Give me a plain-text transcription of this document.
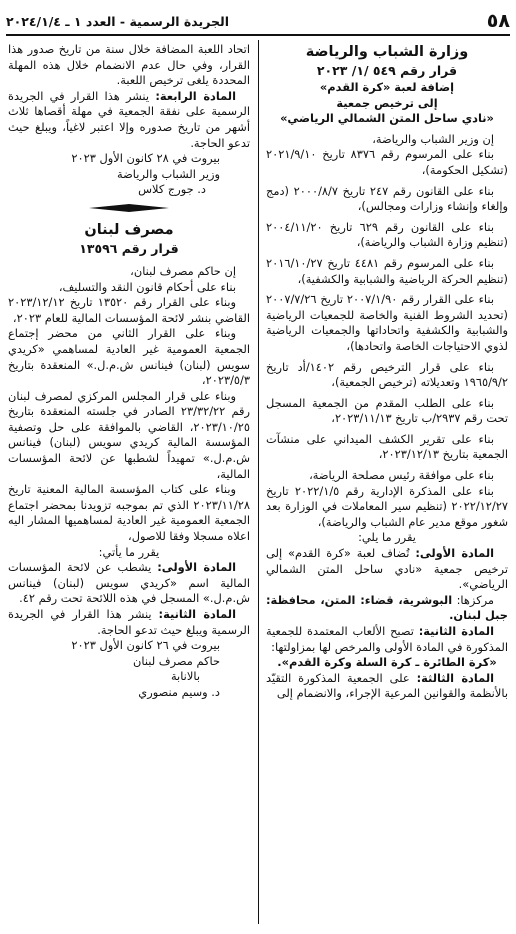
٥٨
الجريدة الرسمية - العدد ١ ـ ٢٠٢٤/١/٤

وزارة الشباب والرياضة

قرار رقم ٥٤٩ /١/ ٢٠٢٣

إضافة لعبة «كرة القدم»

إلى ترخيص جمعية

«نادي ساحل المتن الشمالي الرياضي»

إن وزير الشباب والرياضة،

بناء على المرسوم رقم ٨٣٧٦ تاريخ ٢٠٢١/٩/١٠ (تشكيل الحكومة)،

بناء على القانون رقم ٢٤٧ تاريخ ٢٠٠٠/٨/٧ (دمج وإلغاء وإنشاء وزارات ومجالس)،

بناء على القانون رقم ٦٢٩ تاريخ ٢٠٠٤/١١/٢٠ (تنظيم وزارة الشباب والرياضة)،

بناء على المرسوم رقم ٤٤٨١ تاريخ ٢٠١٦/١٠/٢٧ (تنظيم الحركة الرياضية والشبابية والكشفية)،

بناء على القرار رقم ٢٠٠٧/١/٩٠ تاريخ ٢٠٠٧/٧/٢٦ (تحديد الشروط الفنية والخاصة للجمعيات الرياضية والشبابية والكشفية واتحاداتها والجمعيات الرياضية لذوي الاحتياجات الخاصة واتحادها)،

بناء على قرار الترخيص رقم ١٤٠٢/أد تاريخ ١٩٦٥/٩/٢ وتعديلاته (ترخيص الجمعية)،

بناء على الطلب المقدم من الجمعية المسجل تحت رقم ٢٩٣٧/ب تاريخ ٢٠٢٣/١١/١٣،

بناء على تقرير الكشف الميداني على منشآت الجمعية بتاريخ ٢٠٢٣/١٢/١٣،

بناء على موافقة رئيس مصلحة الرياضة،

بناء على المذكرة الإدارية رقم ٢٠٢٢/١/٥ تاريخ ٢٠٢٢/١٢/٢٧ (تنظيم سير المعاملات في الوزارة بعد شغور موقع مدير عام الشباب والرياضة)،

يقرر ما يلي:

المادة الأولى: تُضاف لعبة «كرة القدم» إلى ترخيص جمعية «نادي ساحل المتن الشمالي الرياضي».

مركزها: البوشرية، قضاء: المتن، محافظة: جبل لبنان.

المادة الثانية: تصبح الألعاب المعتمدة للجمعية المذكورة في المادة الأولى والمرخص لها بمزاولتها:

«كرة الطائرة ـ كرة السلة وكرة القدم».

المادة الثالثة: على الجمعية المذكورة التقيّد بالأنظمة والقوانين المرعية الإجراء، والانضمام إلى

اتحاد اللعبة المضافة خلال سنة من تاريخ صدور هذا القرار، وفي حال عدم الانضمام خلال هذه المهلة المحددة يلغى ترخيص اللعبة.

المادة الرابعة: ينشر هذا القرار في الجريدة الرسمية على نفقة الجمعية في مهلة أقصاها ثلاث أشهر من تاريخ صدوره وإلا اعتبر لاغياً، ويبلغ حيث تدعو الحاجة.

بيروت في ٢٨ كانون الأول ٢٠٢٣

وزير الشباب والرياضة

د. جورج كلاس

مصرف لبنان

قرار رقم ١٣٥٩٦

إن حاكم مصرف لبنان،

بناء على أحكام قانون النقد والتسليف،

وبناء على القرار رقم ١٣٥٢٠ تاريخ ٢٠٢٣/١٢/١٢ القاضي بنشر لائحة المؤسسات المالية للعام ٢٠٢٣،

وبناء على القرار الثاني من محضر إجتماع الجمعية العمومية غير العادية لمساهمي «كريدي سويس (لبنان) فينانس ش.م.ل.» المنعقدة بتاريخ ٢٠٢٣/٥/٣،

وبناء على قرار المجلس المركزي لمصرف لبنان رقم ٢٣/٣٢/٢٢ الصادر في جلسته المنعقدة بتاريخ ٢٠٢٣/١٠/٢٥، القاضي بالموافقة على حل وتصفية المؤسسة المالية كريدي سويس (لبنان) فينانس ش.م.ل.» تمهيداً لشطبها عن لائحة المؤسسات المالية،

وبناء على كتاب المؤسسة المالية المعنية تاريخ ٢٠٢٣/١١/٢٨ الذي تم بموجبه تزويدنا بمحضر اجتماع الجمعية العمومية غير العادية لمساهميها المشار اليه اعلاه مسجلا وفقا للاصول،

يقرر ما يأتي:

المادة الأولى: يشطب عن لائحة المؤسسات المالية اسم «كريدي سويس (لبنان) فينانس ش.م.ل.» المسجل في هذه اللائحة تحت رقم ٤٢.

المادة الثانية: ينشر هذا القرار في الجريدة الرسمية ويبلغ حيث تدعو الحاجة.

بيروت في ٢٦ كانون الأول ٢٠٢٣

حاكم مصرف لبنان

بالانابة

د. وسيم منصوري
